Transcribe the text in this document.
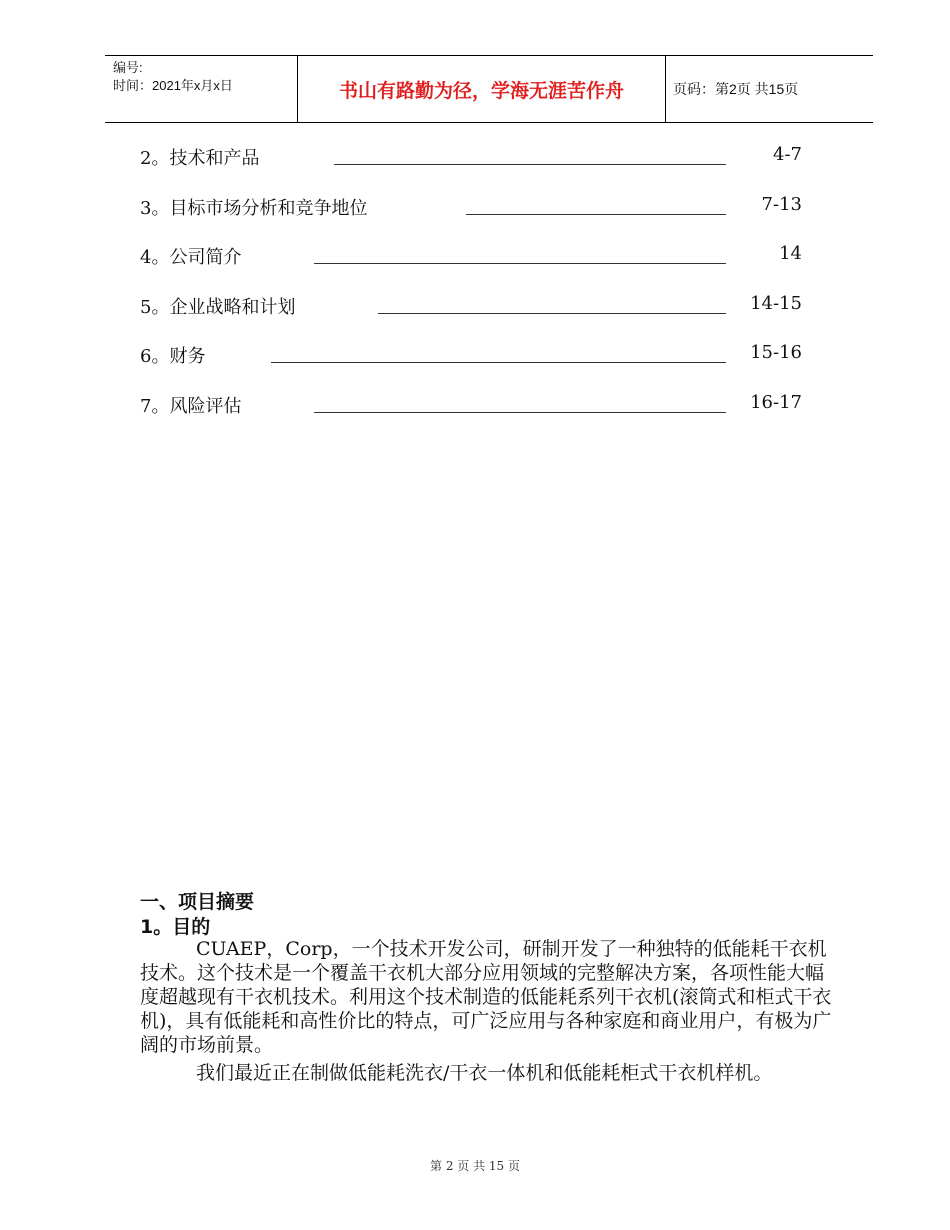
编号:
时间：2021年x月x日	书山有路勤为径，学海无涯苦作舟	页码：第2页 共15页
2。技术和产品	4-7
3。目标市场分析和竞争地位	7-13
4。公司简介	14
5。企业战略和计划	14-15
6。财务	15-16
7。风险评估	16-17
一、项目摘要
1。目的
CUAEP，Corp，一个技术开发公司，研制开发了一种独特的低能耗干衣机技术。这个技术是一个覆盖干衣机大部分应用领域的完整解决方案，各项性能大幅度超越现有干衣机技术。利用这个技术制造的低能耗系列干衣机(滚筒式和柜式干衣机)，具有低能耗和高性价比的特点，可广泛应用与各种家庭和商业用户，有极为广阔的市场前景。
我们最近正在制做低能耗洗衣/干衣一体机和低能耗柜式干衣机样机。
第 2 页 共 15 页
